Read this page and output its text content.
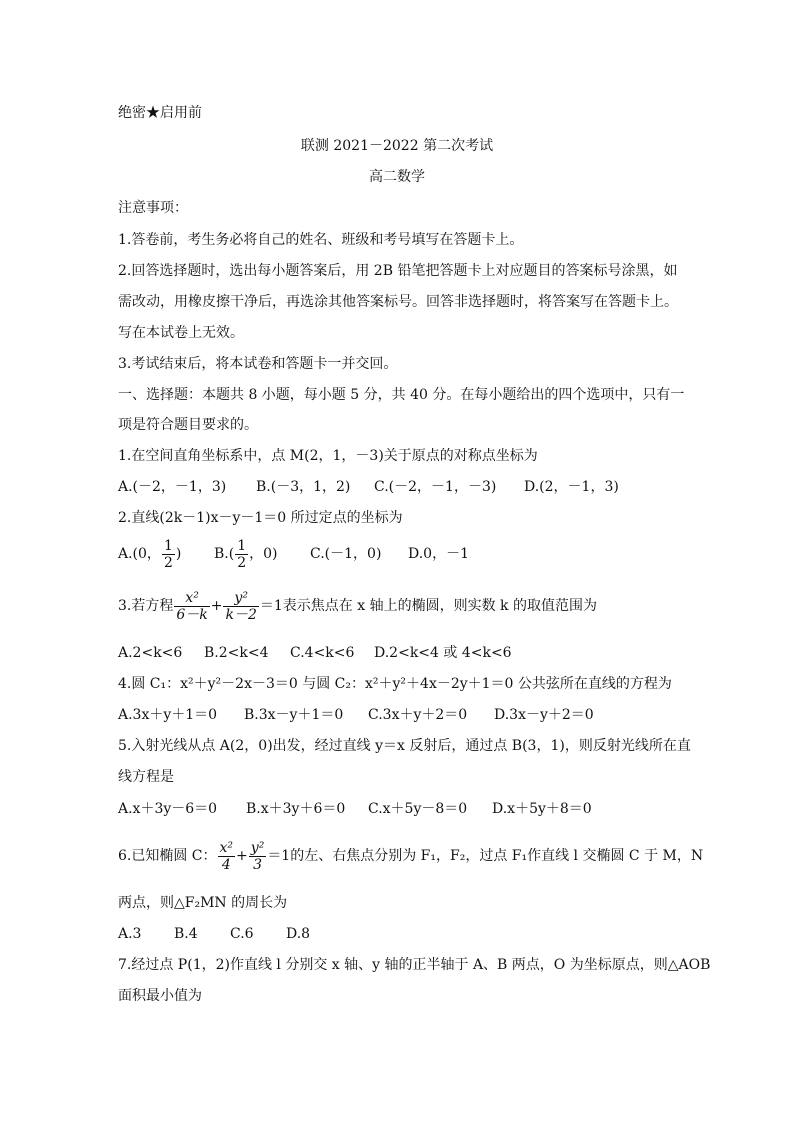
绝密★启用前
联测 2021－2022 第二次考试
高二数学
注意事项：
1.答卷前，考生务必将自己的姓名、班级和考号填写在答题卡上。
2.回答选择题时，选出每小题答案后，用 2B 铅笔把答题卡上对应题目的答案标号涂黑，如
需改动，用橡皮擦干净后，再选涂其他答案标号。回答非选择题时，将答案写在答题卡上。
写在本试卷上无效。
3.考试结束后，将本试卷和答题卡一并交回。
一、选择题：本题共 8 小题，每小题 5 分，共 40 分。在每小题给出的四个选项中，只有一
项是符合题目要求的。
1.在空间直角坐标系中，点 M(2，1，－3)关于原点的对称点坐标为
A.(－2，－1，3) B.(－3，1，2) C.(－2，－1，－3) D.(2，－1，3)
2.直线(2k－1)x－y－1＝0 所过定点的坐标为
A.(0， $\frac{1}{2}$ ) $B.( \frac{1}{2}$ ，0) C.(－1，0) D.0，－1
3.若方程 $\frac{\text{x²}}{6-k} + \frac{\text{y²}}{k-2} =1$表示焦点在 x 轴上的椭圆，则实数 k 的取值范围为
A.2<k<6 B.2<k<4 C.4<k<6 D.2<k<4 或 4<k<6
4.圆 C₁：x²＋y²－2x－3＝0 与圆 C₂：x²＋y²＋4x－2y＋1＝0 公共弦所在直线的方程为
A.3x＋y＋1＝0 B.3x－y＋1＝0 C.3x＋y＋2＝0 D.3x－y＋2＝0
5.入射光线从点 A(2，0)出发，经过直线 y＝x 反射后，通过点 B(3，1)，则反射光线所在直
线方程是
A.x＋3y－6＝0 B.x＋3y＋6＝0 C.x＋5y－8＝0 D.x＋5y＋8＝0
6.已知椭圆 C： $\frac{\text{x²}}{4} + \frac{\text{y²}}{3} =1$的左、右焦点分别为 F₁，F₂，过点 F₁作直线 l 交椭圆 C 于 M，N
两点，则△F₂MN 的周长为
A.3 B.4 C.6 D.8
7.经过点 P(1，2)作直线 l 分别交 x 轴、y 轴的正半轴于 A、B 两点，O 为坐标原点，则△AOB
面积最小值为
